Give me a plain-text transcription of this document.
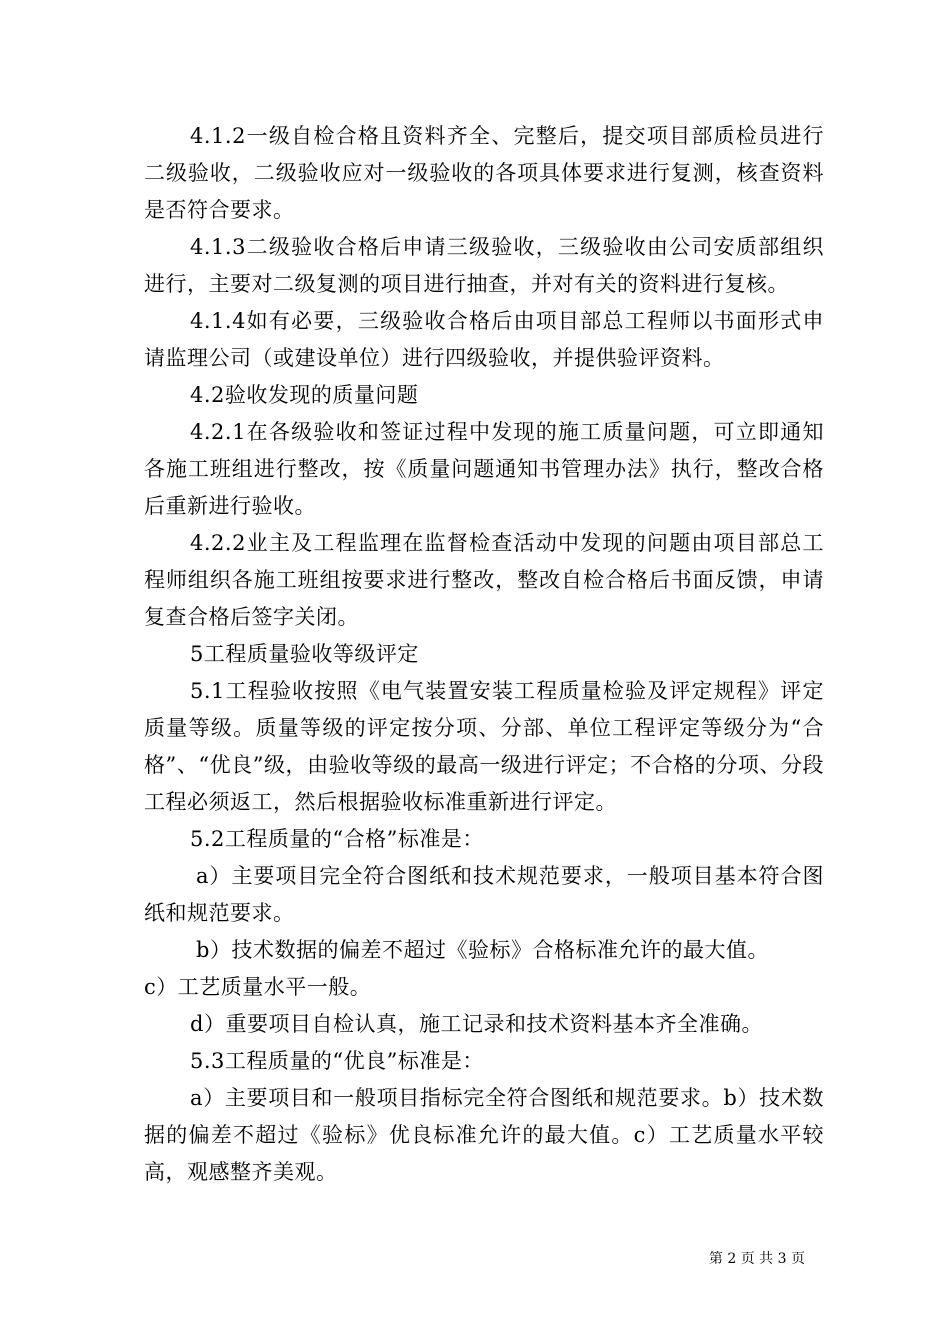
4.1.2一级自检合格且资料齐全、完整后，提交项目部质检员进行二级验收，二级验收应对一级验收的各项具体要求进行复测，核查资料是否符合要求。

4.1.3二级验收合格后申请三级验收，三级验收由公司安质部组织进行，主要对二级复测的项目进行抽查，并对有关的资料进行复核。

4.1.4如有必要，三级验收合格后由项目部总工程师以书面形式申请监理公司（或建设单位）进行四级验收，并提供验评资料。

4.2验收发现的质量问题

4.2.1在各级验收和签证过程中发现的施工质量问题，可立即通知各施工班组进行整改，按《质量问题通知书管理办法》执行，整改合格后重新进行验收。

4.2.2业主及工程监理在监督检查活动中发现的问题由项目部总工程师组织各施工班组按要求进行整改，整改自检合格后书面反馈，申请复查合格后签字关闭。

5工程质量验收等级评定

5.1工程验收按照《电气装置安装工程质量检验及评定规程》评定质量等级。质量等级的评定按分项、分部、单位工程评定等级分为“合格”、“优良”级，由验收等级的最高一级进行评定；不合格的分项、分段工程必须返工，然后根据验收标准重新进行评定。

5.2工程质量的“合格”标准是：

a）主要项目完全符合图纸和技术规范要求，一般项目基本符合图纸和规范要求。

b）技术数据的偏差不超过《验标》合格标准允许的最大值。

c）工艺质量水平一般。

d）重要项目自检认真，施工记录和技术资料基本齐全准确。

5.3工程质量的“优良”标准是：

a）主要项目和一般项目指标完全符合图纸和规范要求。b）技术数据的偏差不超过《验标》优良标准允许的最大值。c）工艺质量水平较高，观感整齐美观。

第 2 页 共 3 页
